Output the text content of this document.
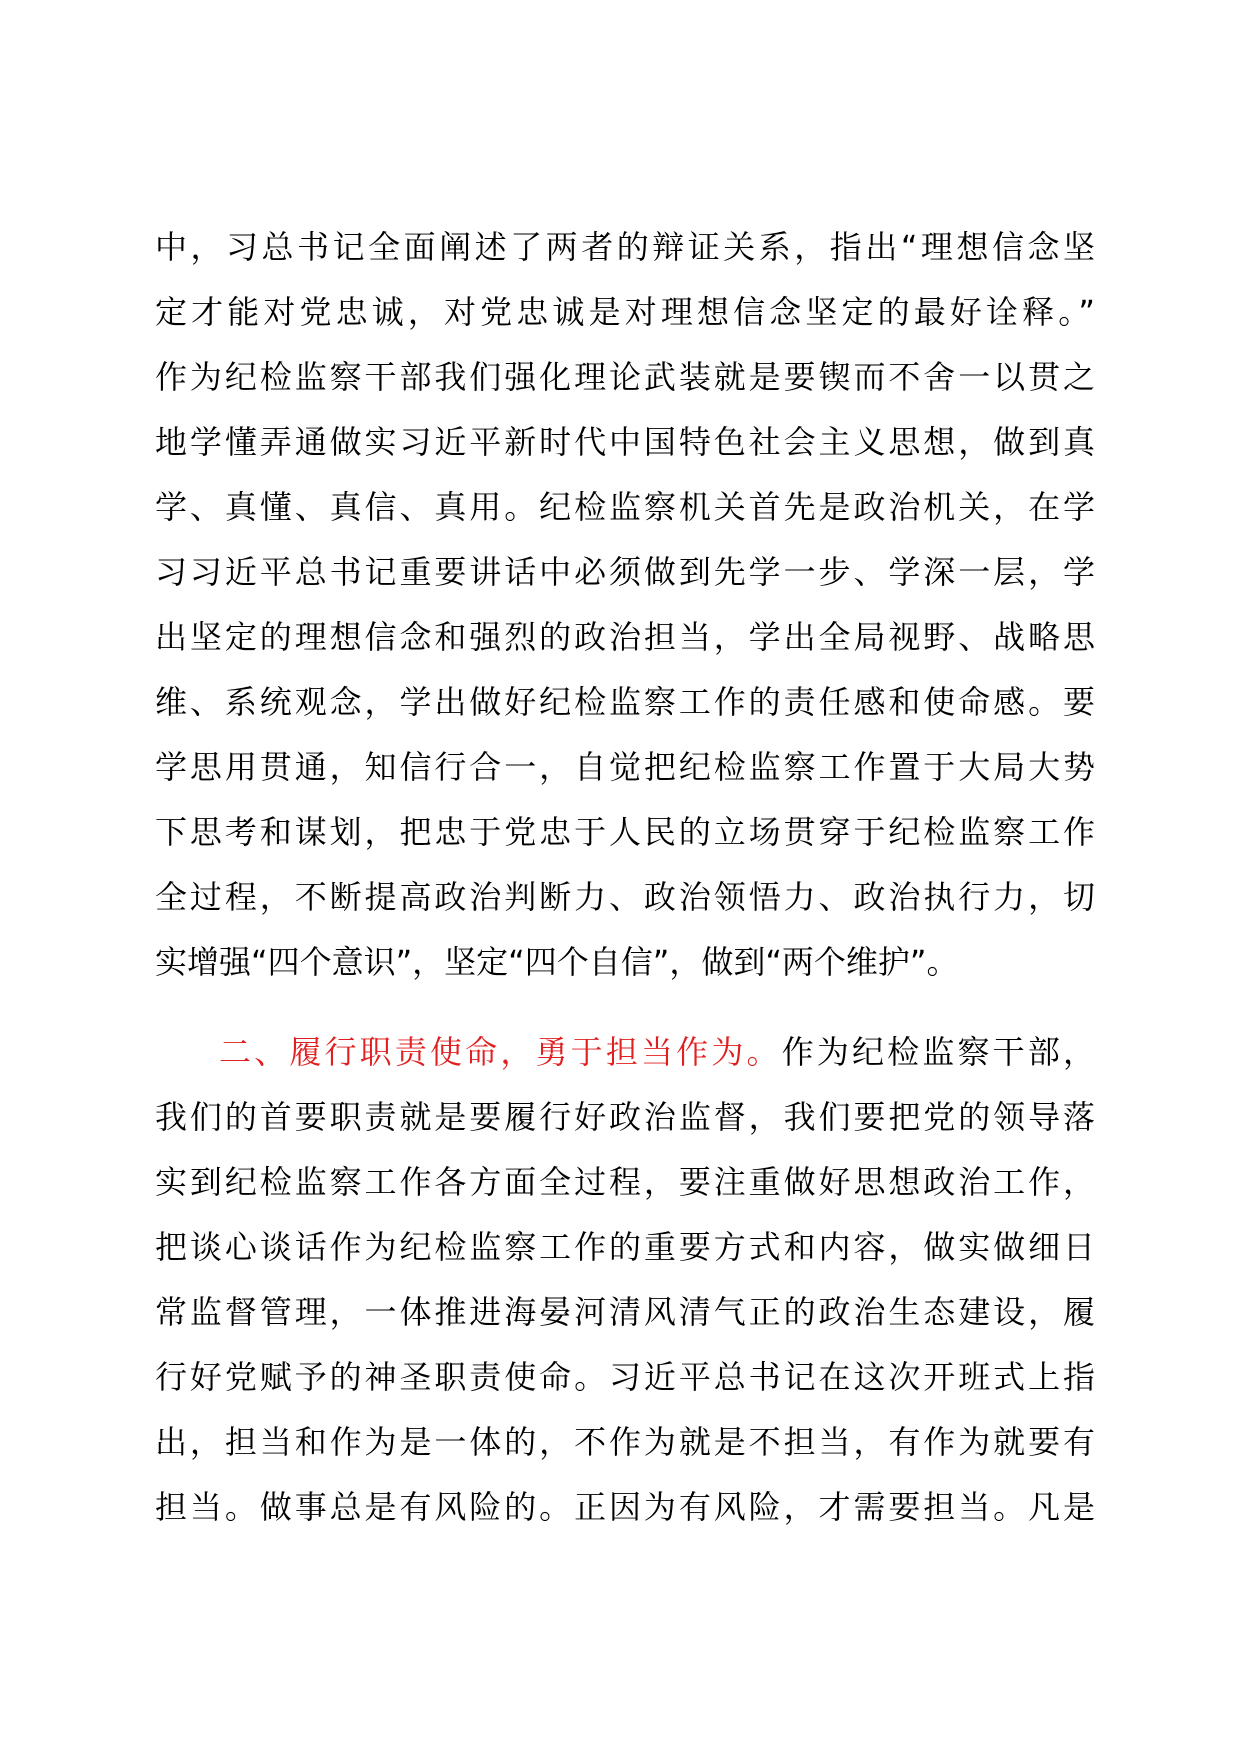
中，习总书记全面阐述了两者的辩证关系，指出“理想信念坚
定才能对党忠诚，对党忠诚是对理想信念坚定的最好诠释。”
作为纪检监察干部我们强化理论武装就是要锲而不舍一以贯之
地学懂弄通做实习近平新时代中国特色社会主义思想，做到真
学、真懂、真信、真用。纪检监察机关首先是政治机关，在学
习习近平总书记重要讲话中必须做到先学一步、学深一层，学
出坚定的理想信念和强烈的政治担当，学出全局视野、战略思
维、系统观念，学出做好纪检监察工作的责任感和使命感。要
学思用贯通，知信行合一，自觉把纪检监察工作置于大局大势
下思考和谋划，把忠于党忠于人民的立场贯穿于纪检监察工作
全过程，不断提高政治判断力、政治领悟力、政治执行力，切
实增强“四个意识”，坚定“四个自信”，做到“两个维护”。
二、履行职责使命，勇于担当作为。作为纪检监察干部，
我们的首要职责就是要履行好政治监督，我们要把党的领导落
实到纪检监察工作各方面全过程，要注重做好思想政治工作，
把谈心谈话作为纪检监察工作的重要方式和内容，做实做细日
常监督管理，一体推进海晏河清风清气正的政治生态建设，履
行好党赋予的神圣职责使命。习近平总书记在这次开班式上指
出，担当和作为是一体的，不作为就是不担当，有作为就要有
担当。做事总是有风险的。正因为有风险，才需要担当。凡是
